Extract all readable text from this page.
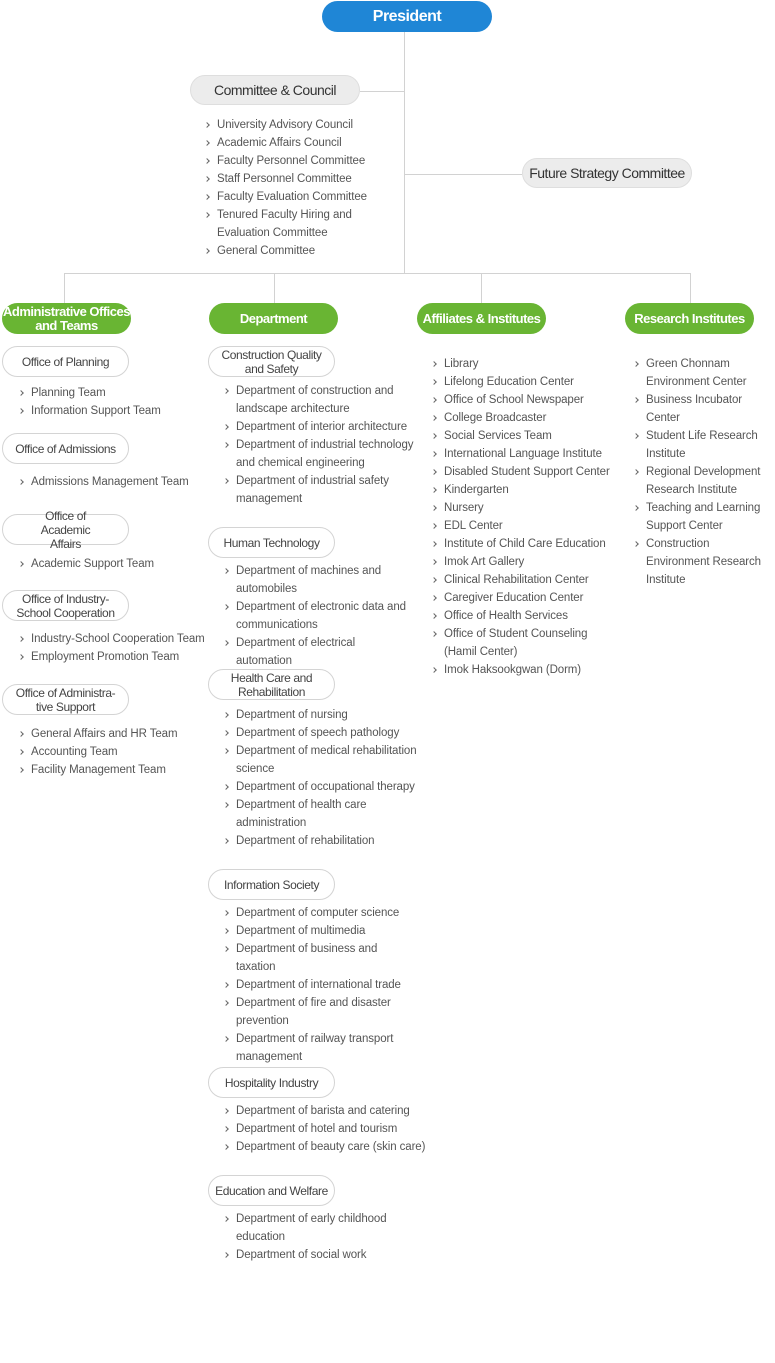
President
Committee & Council
University Advisory Council
Academic Affairs Council
Faculty Personnel Committee
Staff Personnel Committee
Faculty Evaluation Committee
Tenured Faculty Hiring and Evaluation Committee
General Committee
Future Strategy Committee
Administrative Offices and Teams	Department	Affiliates & Institutes	Research Institutes
Office of Planning
Planning Team
Information Support Team
Office of Admissions
Admissions Management Team
Office of Academic Affairs
Academic Support Team
Office of Industry-School Cooperation
Industry-School Cooperation Team
Employment Promotion Team
Office of Administra-tive Support
General Affairs and HR Team
Accounting Team
Facility Management Team
Construction Quality and Safety
Department of construction and landscape architecture
Department of interior architecture
Department of industrial technology and chemical engineering
Department of industrial safety management
Human Technology
Department of machines and automobiles
Department of electronic data and communications
Department of electrical automation
Health Care and Rehabilitation
Department of nursing
Department of speech pathology
Department of medical rehabilitation science
Department of occupational therapy
Department of health care administration
Department of rehabilitation
Information Society
Department of computer science
Department of multimedia
Department of business and taxation
Department of international trade
Department of fire and disaster prevention
Department of railway transport management
Hospitality Industry
Department of barista and catering
Department of hotel and tourism
Department of beauty care (skin care)
Education and Welfare
Department of early childhood education
Department of social work
Library
Lifelong Education Center
Office of School Newspaper
College Broadcaster
Social Services Team
International Language Institute
Disabled Student Support Center
Kindergarten
Nursery
EDL Center
Institute of Child Care Education
Imok Art Gallery
Clinical Rehabilitation Center
Caregiver Education Center
Office of Health Services
Office of Student Counseling (Hamil Center)
Imok Haksookgwan (Dorm)
Green Chonnam Environment Center
Business Incubator Center
Student Life Research Institute
Regional Development Research Institute
Teaching and Learning Support Center
Construction Environment Research Institute
